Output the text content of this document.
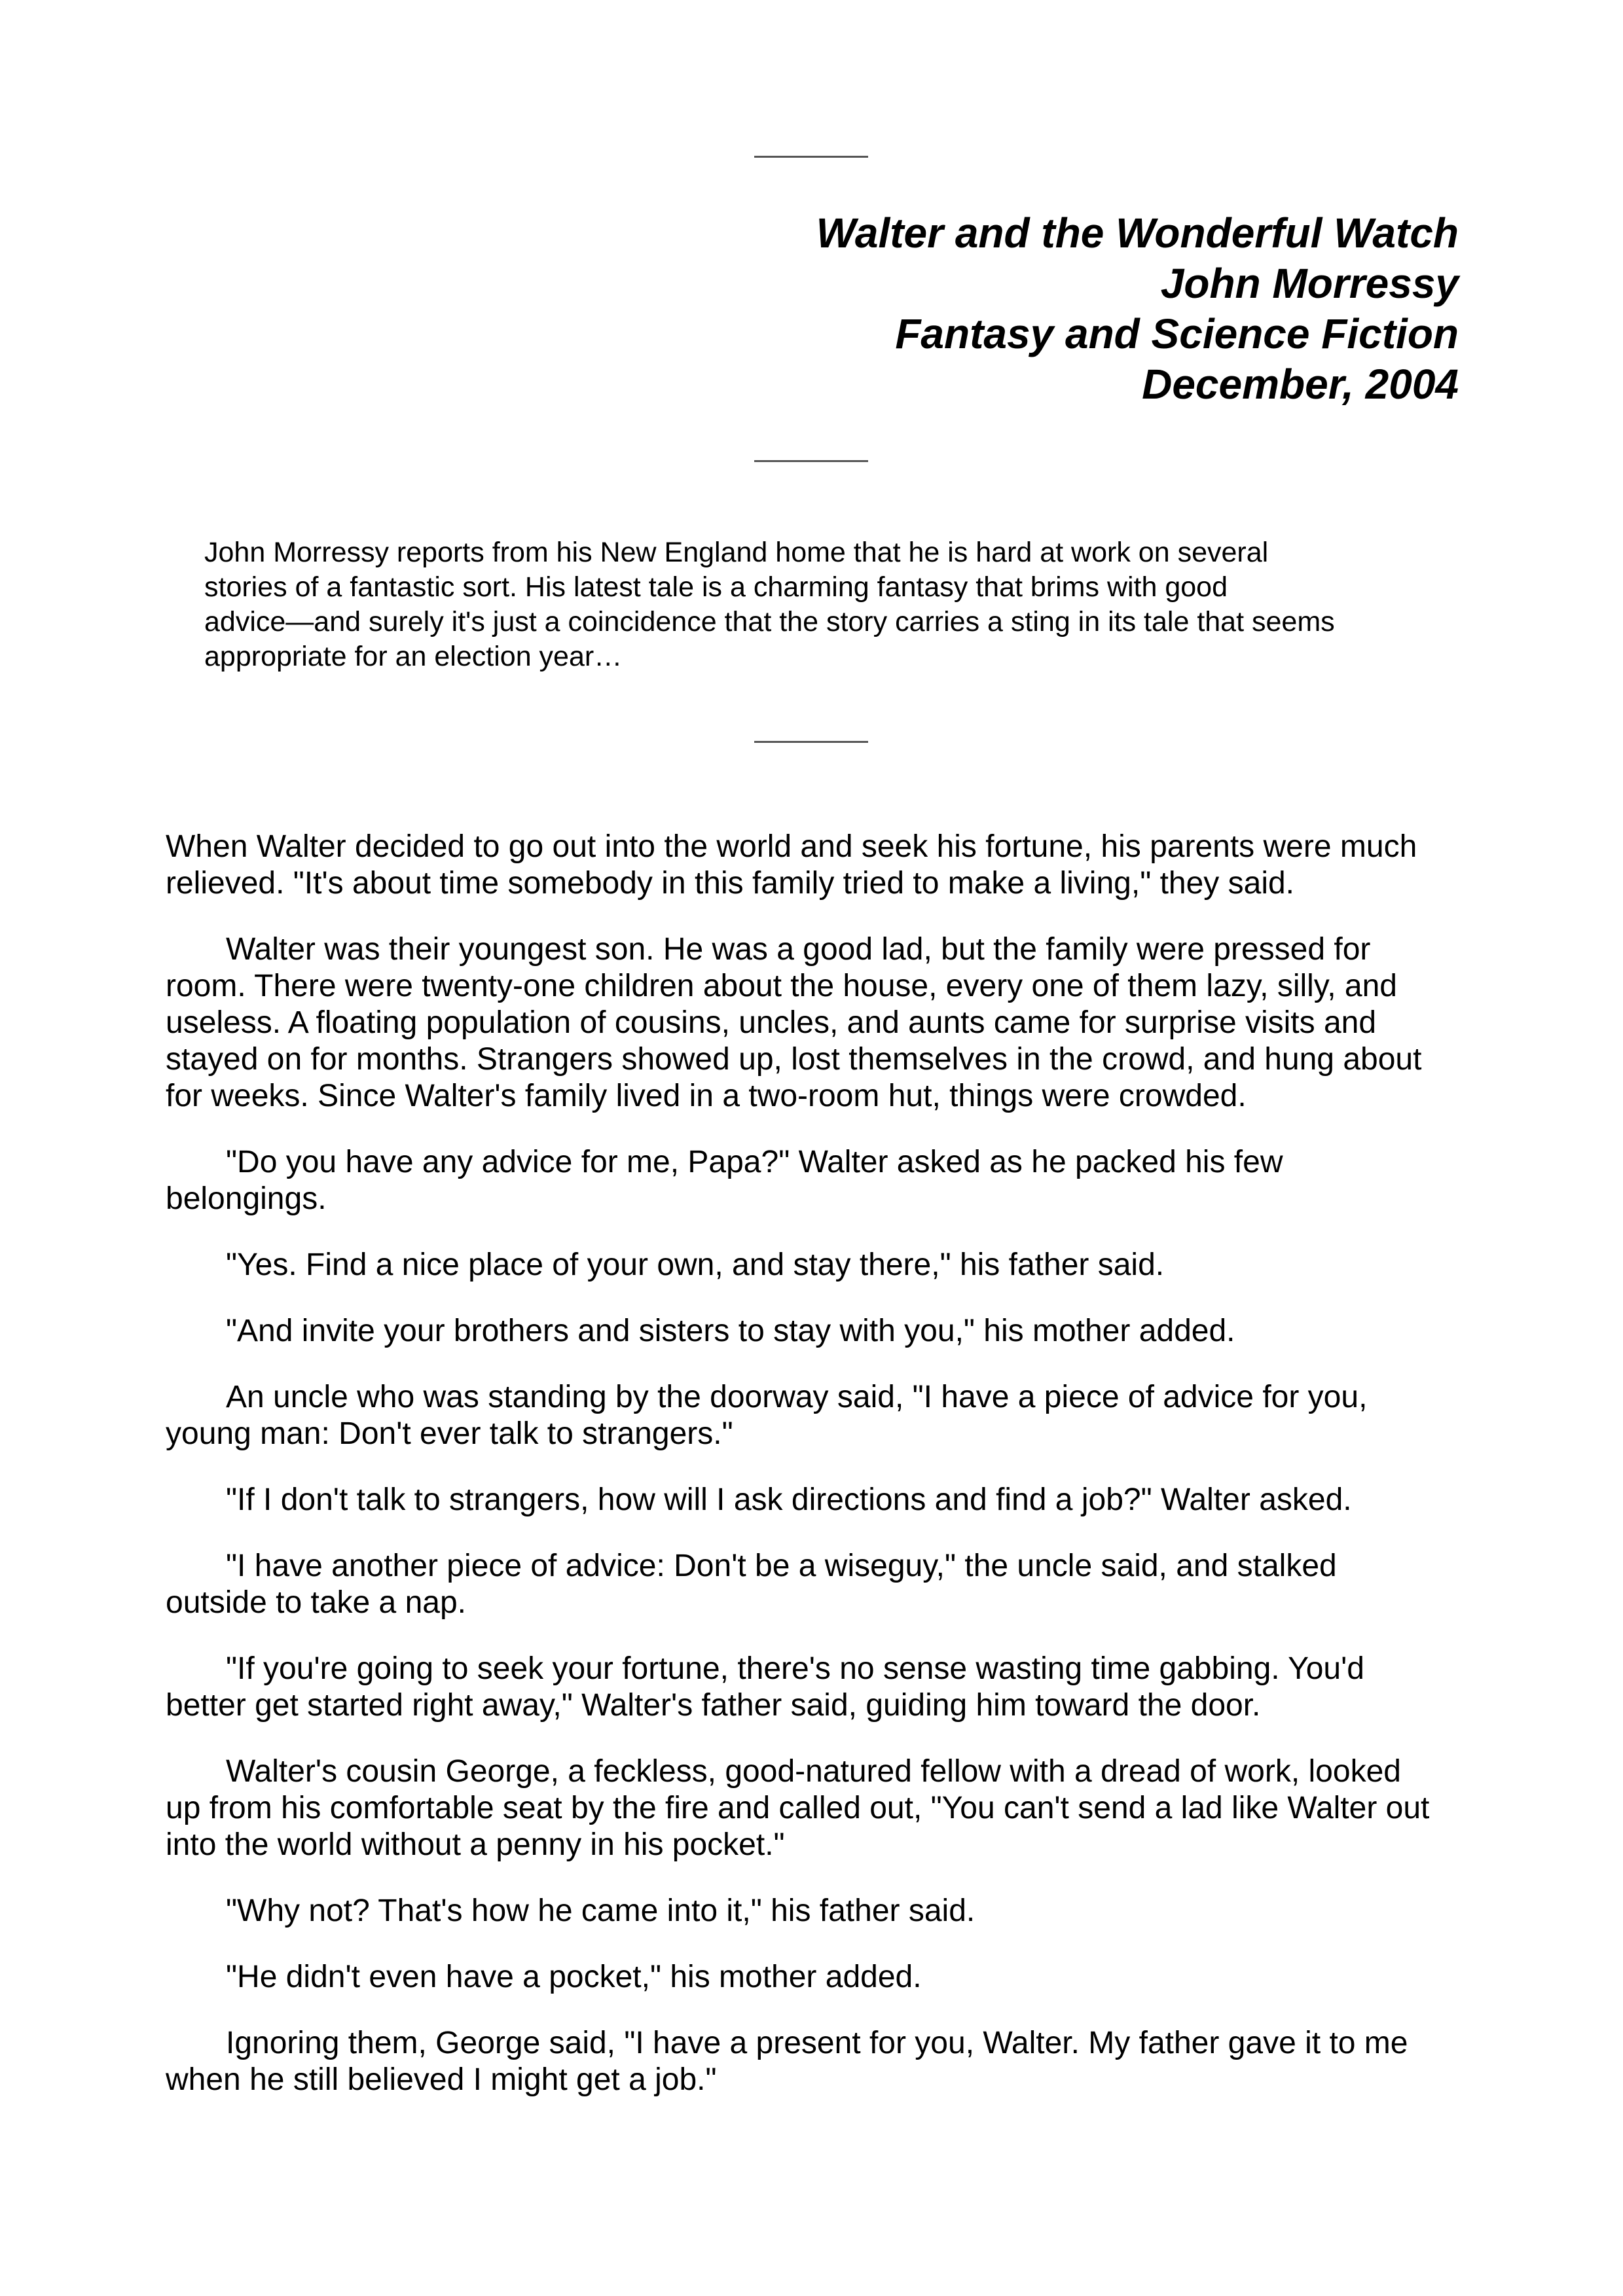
Walter and the Wonderful Watch
John Morressy
Fantasy and Science Fiction
December, 2004
John Morressy reports from his New England home that he is hard at work on several
stories of a fantastic sort. His latest tale is a charming fantasy that brims with good
advice—and surely it's just a coincidence that the story carries a sting in its tale that seems
appropriate for an election year…
When Walter decided to go out into the world and seek his fortune, his parents were much
relieved. "It's about time somebody in this family tried to make a living," they said.
Walter was their youngest son. He was a good lad, but the family were pressed for
room. There were twenty-one children about the house, every one of them lazy, silly, and
useless. A floating population of cousins, uncles, and aunts came for surprise visits and
stayed on for months. Strangers showed up, lost themselves in the crowd, and hung about
for weeks. Since Walter's family lived in a two-room hut, things were crowded.
"Do you have any advice for me, Papa?" Walter asked as he packed his few
belongings.
"Yes. Find a nice place of your own, and stay there," his father said.
"And invite your brothers and sisters to stay with you," his mother added.
An uncle who was standing by the doorway said, "I have a piece of advice for you,
young man: Don't ever talk to strangers."
"If I don't talk to strangers, how will I ask directions and find a job?" Walter asked.
"I have another piece of advice: Don't be a wiseguy," the uncle said, and stalked
outside to take a nap.
"If you're going to seek your fortune, there's no sense wasting time gabbing. You'd
better get started right away," Walter's father said, guiding him toward the door.
Walter's cousin George, a feckless, good-natured fellow with a dread of work, looked
up from his comfortable seat by the fire and called out, "You can't send a lad like Walter out
into the world without a penny in his pocket."
"Why not? That's how he came into it," his father said.
"He didn't even have a pocket," his mother added.
Ignoring them, George said, "I have a present for you, Walter. My father gave it to me
when he still believed I might get a job."
